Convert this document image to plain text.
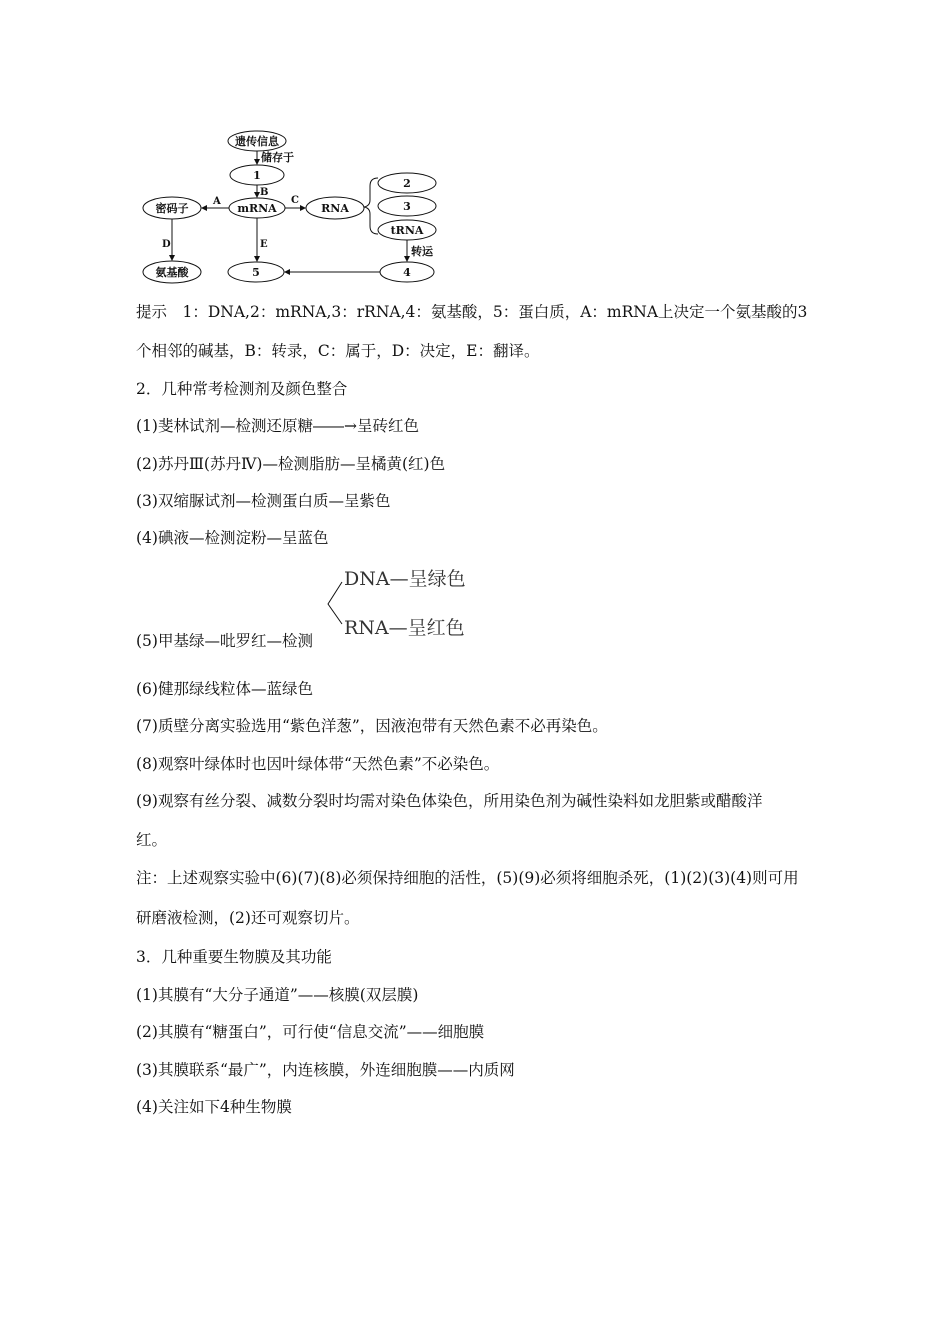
遗传信息
储存于
1
B
密码子
A
mRNA
C
RNA
2
3
tRNA
转运
4
D	E
氨基酸	5
提示　1：DNA,2：mRNA,3：rRNA,4：氨基酸，5：蛋白质，A：mRNA上决定一个氨基酸的3
个相邻的碱基，B：转录，C：属于，D：决定，E：翻译。
2．几种常考检测剂及颜色整合
(1)斐林试剂—检测还原糖――→呈砖红色
(2)苏丹Ⅲ(苏丹Ⅳ)—检测脂肪—呈橘黄(红)色
(3)双缩脲试剂—检测蛋白质—呈紫色
(4)碘液—检测淀粉—呈蓝色
DNA—呈绿色
RNA—呈红色
(5)甲基绿—吡罗红—检测
(6)健那绿线粒体—蓝绿色
(7)质壁分离实验选用“紫色洋葱”，因液泡带有天然色素不必再染色。
(8)观察叶绿体时也因叶绿体带“天然色素”不必染色。
(9)观察有丝分裂、减数分裂时均需对染色体染色，所用染色剂为碱性染料如龙胆紫或醋酸洋
红。
注：上述观察实验中(6)(7)(8)必须保持细胞的活性，(5)(9)必须将细胞杀死，(1)(2)(3)(4)则可用
研磨液检测，(2)还可观察切片。
3．几种重要生物膜及其功能
(1)其膜有“大分子通道”——核膜(双层膜)
(2)其膜有“糖蛋白”，可行使“信息交流”——细胞膜
(3)其膜联系“最广”，内连核膜，外连细胞膜——内质网
(4)关注如下4种生物膜
